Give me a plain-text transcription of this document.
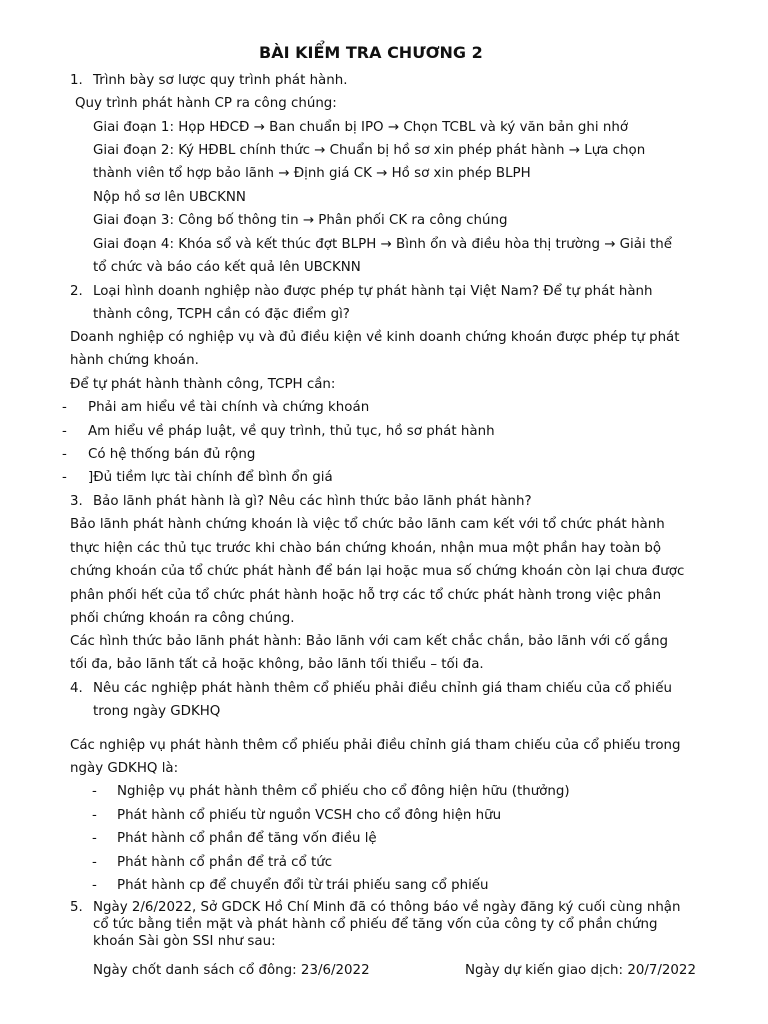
BÀI KIỂM TRA CHƯƠNG 2
1. Trình bày sơ lược quy trình phát hành.
Quy trình phát hành CP ra công chúng:
Giai đoạn 1: Họp HĐCĐ → Ban chuẩn bị IPO → Chọn TCBL và ký văn bản ghi nhớ
Giai đoạn 2: Ký HĐBL chính thức → Chuẩn bị hồ sơ xin phép phát hành → Lựa chọn
thành viên tổ hợp bảo lãnh → Định giá CK → Hồ sơ xin phép BLPH
Nộp hồ sơ lên UBCKNN
Giai đoạn 3: Công bố thông tin → Phân phối CK ra công chúng
Giai đoạn 4: Khóa sổ và kết thúc đợt BLPH → Bình ổn và điều hòa thị trường → Giải thể
tổ chức và báo cáo kết quả lên UBCKNN
2. Loại hình doanh nghiệp nào được phép tự phát hành tại Việt Nam? Để tự phát hành
thành công, TCPH cần có đặc điểm gì?
Doanh nghiệp có nghiệp vụ và đủ điều kiện về kinh doanh chứng khoán được phép tự phát
hành chứng khoán.
Để tự phát hành thành công, TCPH cần:
- Phải am hiểu về tài chính và chứng khoán
- Am hiểu về pháp luật, về quy trình, thủ tục, hồ sơ phát hành
- Có hệ thống bán đủ rộng
- ]Đủ tiềm lực tài chính để bình ổn giá
3. Bảo lãnh phát hành là gì? Nêu các hình thức bảo lãnh phát hành?
Bảo lãnh phát hành chứng khoán là việc tổ chức bảo lãnh cam kết với tổ chức phát hành
thực hiện các thủ tục trước khi chào bán chứng khoán, nhận mua một phần hay toàn bộ
chứng khoán của tổ chức phát hành để bán lại hoặc mua số chứng khoán còn lại chưa được
phân phối hết của tổ chức phát hành hoặc hỗ trợ các tổ chức phát hành trong việc phân
phối chứng khoán ra công chúng.
Các hình thức bảo lãnh phát hành: Bảo lãnh với cam kết chắc chắn, bảo lãnh với cố gắng
tối đa, bảo lãnh tất cả hoặc không, bảo lãnh tối thiểu – tối đa.
4. Nêu các nghiệp phát hành thêm cổ phiếu phải điều chỉnh giá tham chiếu của cổ phiếu
trong ngày GDKHQ
Các nghiệp vụ phát hành thêm cổ phiếu phải điều chỉnh giá tham chiếu của cổ phiếu trong
ngày GDKHQ là:
- Nghiệp vụ phát hành thêm cổ phiếu cho cổ đông hiện hữu (thưởng)
- Phát hành cổ phiếu từ nguồn VCSH cho cổ đông hiện hữu
- Phát hành cổ phần để tăng vốn điều lệ
- Phát hành cổ phần để trả cổ tức
- Phát hành cp để chuyển đổi từ trái phiếu sang cổ phiếu
5. Ngày 2/6/2022, Sở GDCK Hồ Chí Minh đã có thông báo về ngày đăng ký cuối cùng nhận
cổ tức bằng tiền mặt và phát hành cổ phiếu để tăng vốn của công ty cổ phần chứng
khoán Sài gòn SSI như sau:
Ngày chốt danh sách cổ đông: 23/6/2022	Ngày dự kiến giao dịch: 20/7/2022
